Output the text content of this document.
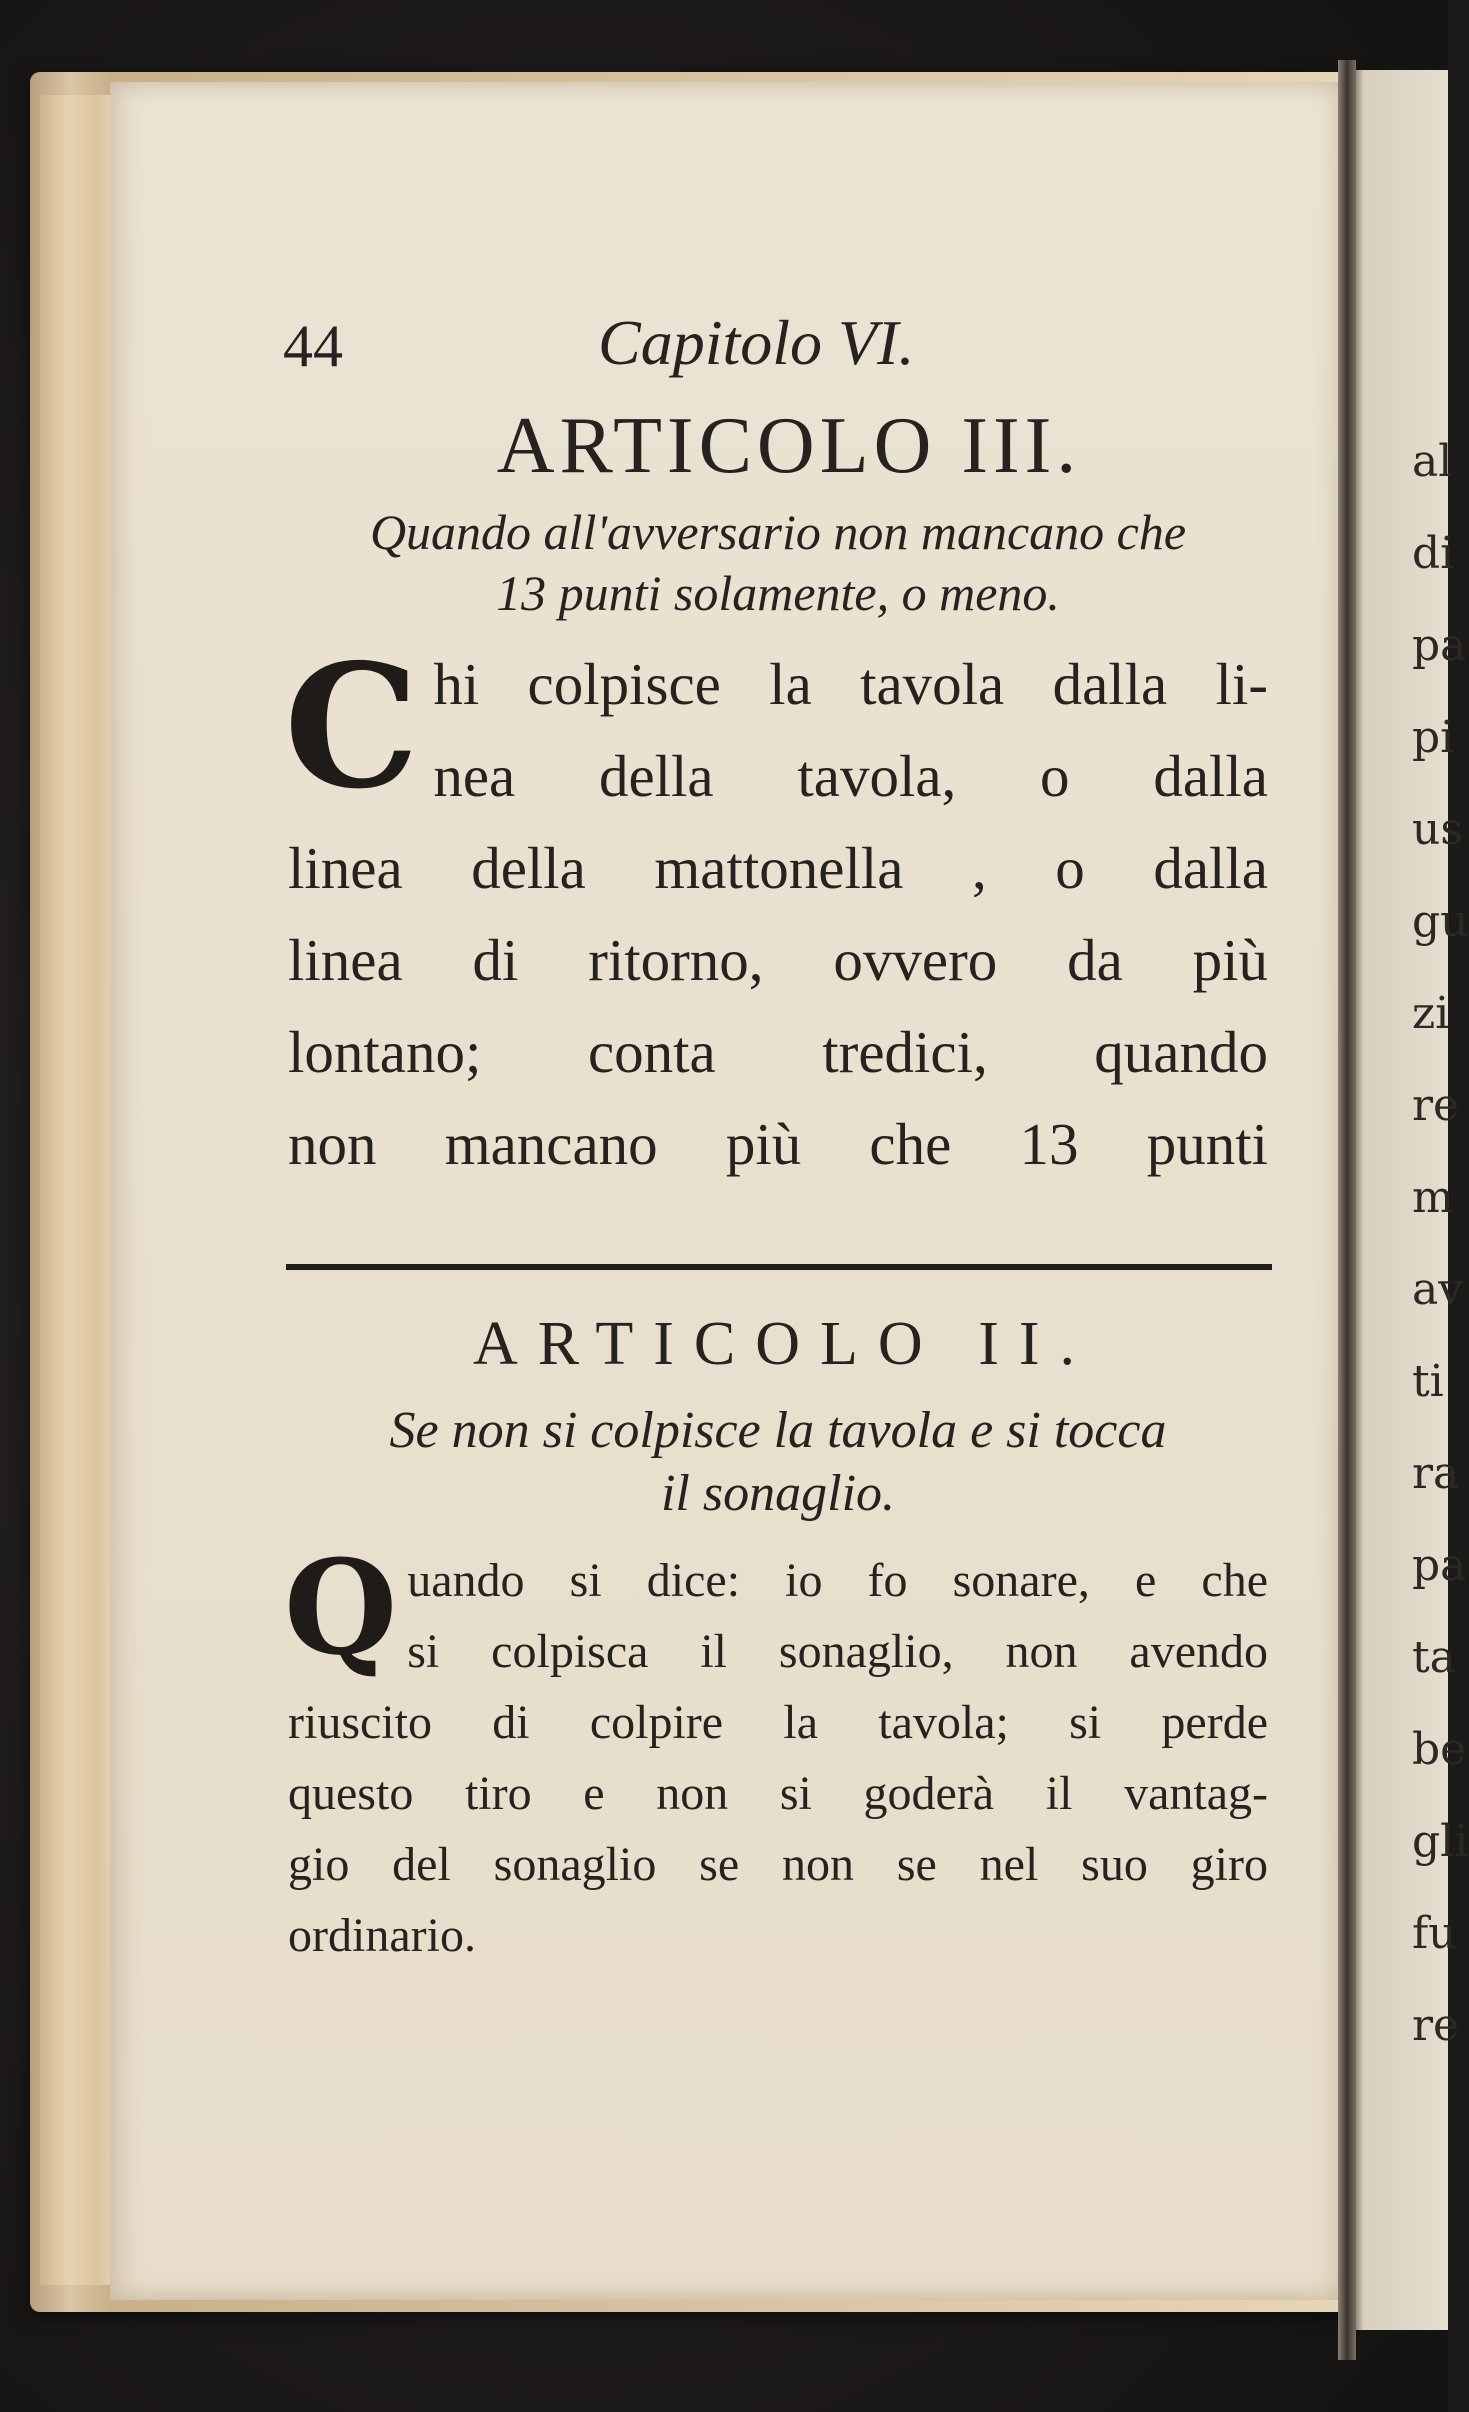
al
di
pa
pi
us
gu
zi
re
m
av
ti
ra
pa
ta
be
gli
fu
re
44	Capitolo VI.
ARTICOLO III.
Quando all'avversario non mancano che
13 punti solamente, o meno.
C hi colpisce la tavola dalla li-
nea della tavola, o dalla
linea della mattonella , o dalla
linea di ritorno, ovvero da più
lontano; conta tredici, quando
non mancano più che 13 punti
ARTICOLO II.
Se non si colpisce la tavola e si tocca
il sonaglio.
Q uando si dice: io fo sonare, e che
si colpisca il sonaglio, non avendo
riuscito di colpire la tavola; si perde
questo tiro e non si goderà il vantag-
gio del sonaglio se non se nel suo giro
ordinario.
